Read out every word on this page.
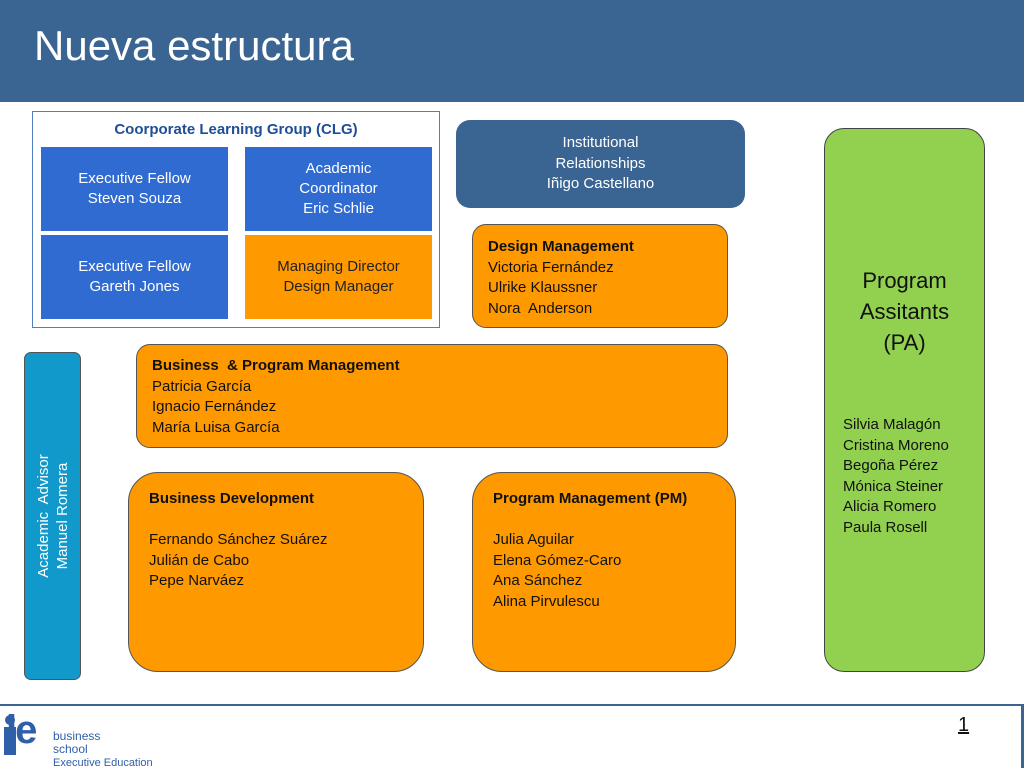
Nueva estructura
Coorporate Learning Group (CLG)
Executive Fellow
Steven Souza
Academic
Coordinator
Eric Schlie
Executive Fellow
Gareth Jones
Managing Director
Design Manager
Institutional
Relationships
Iñigo Castellano
Design Management
Victoria Fernández
Ulrike Klaussner
Nora  Anderson
Business  & Program Management
Patricia García
Ignacio Fernández
María Luisa García
Business Development

Fernando Sánchez Suárez
Julián de Cabo
Pepe Narváez
Program Management (PM)

Julia Aguilar
Elena Gómez-Caro
Ana Sánchez
Alina Pirvulescu
Program
Assitants
(PA)
Silvia Malagón
Cristina Moreno
Begoña Pérez
Mónica Steiner
Alicia Romero
Paula Rosell
Academic  Advisor Manuel Romera
ie business
school
Executive Education
1
